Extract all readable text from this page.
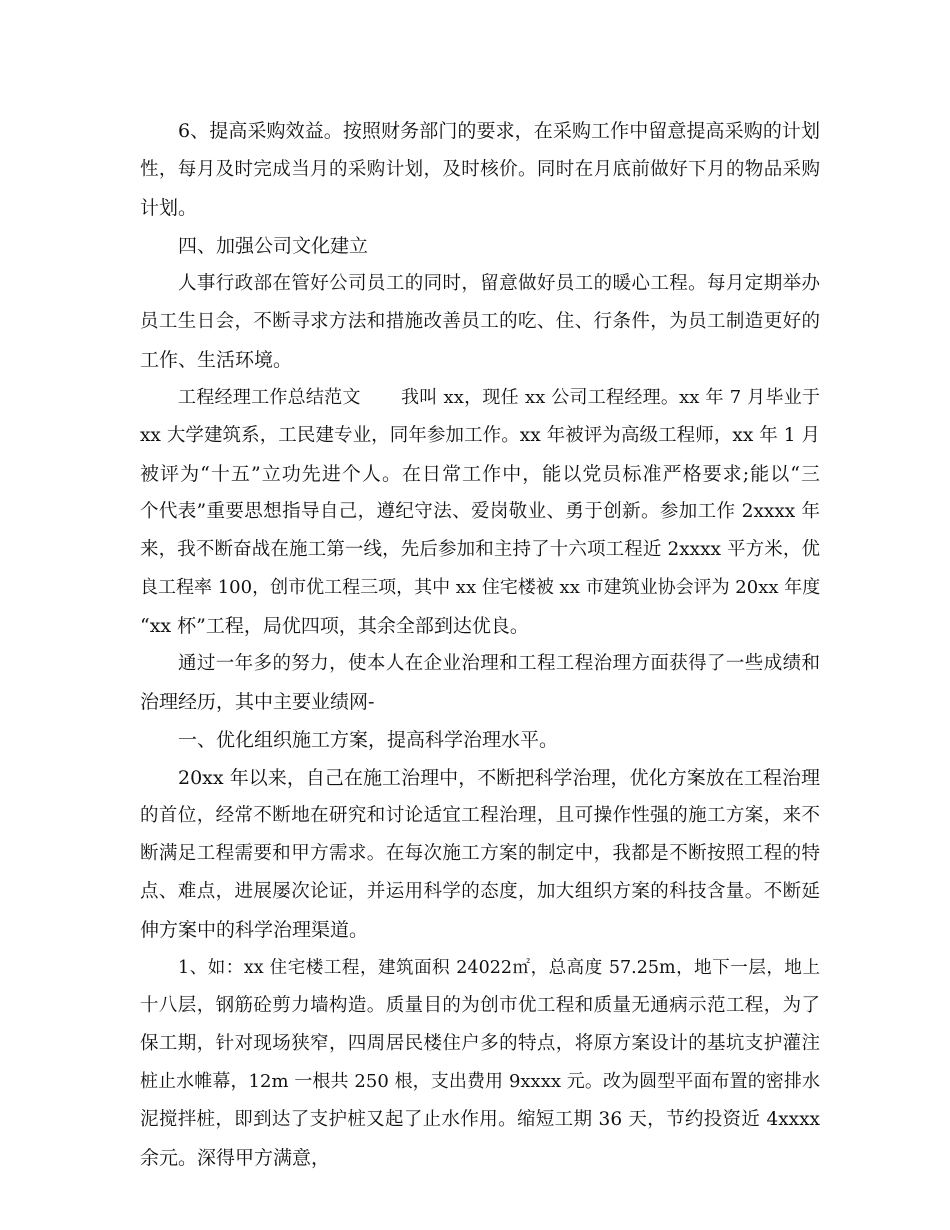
6、提高采购效益。按照财务部门的要求，在采购工作中留意提高采购的计划
性，每月及时完成当月的采购计划，及时核价。同时在月底前做好下月的物品采购
计划。
四、加强公司文化建立
人事行政部在管好公司员工的同时，留意做好员工的暖心工程。每月定期举办
员工生日会，不断寻求方法和措施改善员工的吃、住、行条件，为员工制造更好的
工作、生活环境。
工程经理工作总结范文 我叫 xx，现任 xx 公司工程经理。xx 年 7 月毕业于
xx 大学建筑系，工民建专业，同年参加工作。xx 年被评为高级工程师，xx 年 1 月
被评为“十五”立功先进个人。在日常工作中，能以党员标准严格要求;能以“三
个代表”重要思想指导自己，遵纪守法、爱岗敬业、勇于创新。参加工作 2xxxx 年
来，我不断奋战在施工第一线，先后参加和主持了十六项工程近 2xxxx 平方米，优
良工程率 100，创市优工程三项，其中 xx 住宅楼被 xx 市建筑业协会评为 20xx 年度
“xx 杯”工程，局优四项，其余全部到达优良。
通过一年多的努力，使本人在企业治理和工程工程治理方面获得了一些成绩和
治理经历，其中主要业绩网-
一、优化组织施工方案，提高科学治理水平。
20xx 年以来，自己在施工治理中，不断把科学治理，优化方案放在工程治理
的首位，经常不断地在研究和讨论适宜工程治理，且可操作性强的施工方案，来不
断满足工程需要和甲方需求。在每次施工方案的制定中，我都是不断按照工程的特
点、难点，进展屡次论证，并运用科学的态度，加大组织方案的科技含量。不断延
伸方案中的科学治理渠道。
1、如：xx 住宅楼工程，建筑面积 24022㎡，总高度 57.25m，地下一层，地上
十八层，钢筋砼剪力墙构造。质量目的为创市优工程和质量无通病示范工程，为了
保工期，针对现场狭窄，四周居民楼住户多的特点，将原方案设计的基坑支护灌注
桩止水帷幕，12m 一根共 250 根，支出费用 9xxxx 元。改为圆型平面布置的密排水
泥搅拌桩，即到达了支护桩又起了止水作用。缩短工期 36 天，节约投资近 4xxxx
余元。深得甲方满意，
